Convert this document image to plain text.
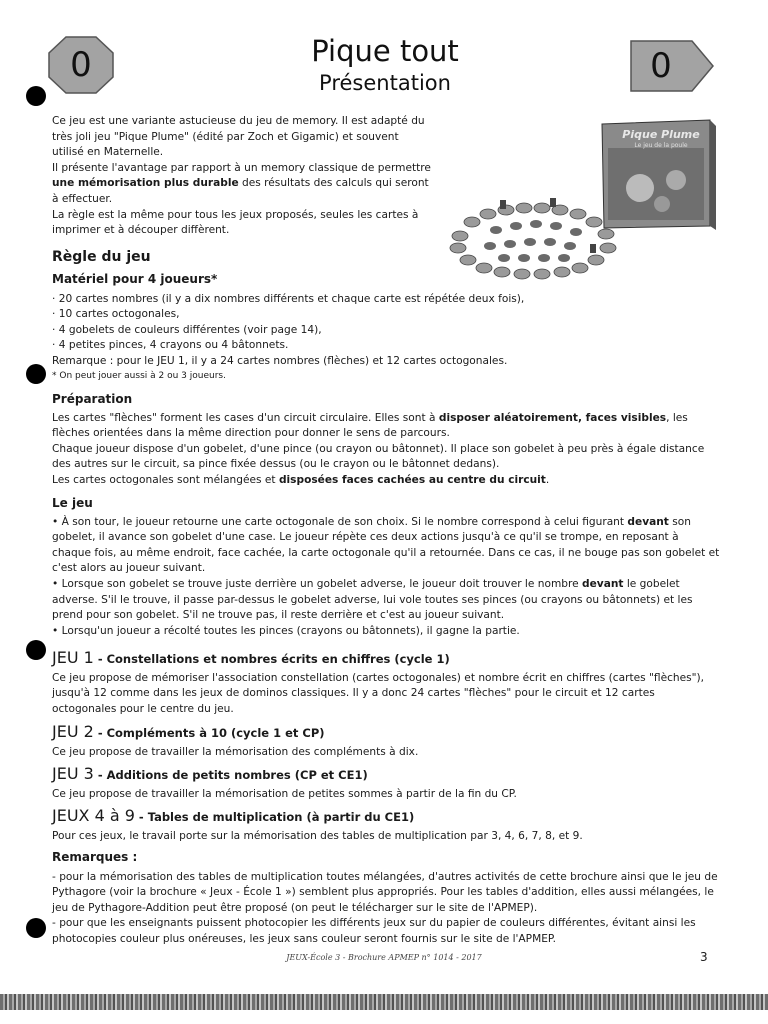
0	0
Pique tout
Présentation

Ce jeu est une variante astucieuse du jeu de memory. Il est adapté du très joli jeu "Pique Plume" (édité par Zoch et Gigamic) et souvent utilisé en Maternelle.

Il présente l'avantage par rapport à un memory classique de permettre une mémorisation plus durable des résultats des calculs qui seront à effectuer.

La règle est la même pour tous les jeux proposés, seules les cartes à imprimer et à découper diffèrent.

Pique Plume
Le jeu de la poule
Règle du jeu
Matériel pour 4 joueurs*

· 20 cartes nombres (il y a dix nombres différents et chaque carte est répétée deux fois),

· 10 cartes octogonales,

· 4 gobelets de couleurs différentes (voir page 14),

· 4 petites pinces, 4 crayons ou 4 bâtonnets.

Remarque : pour le JEU 1, il y a 24 cartes nombres (flèches) et 12 cartes octogonales.

* On peut jouer aussi à 2 ou 3 joueurs.

Préparation

Les cartes "flèches" forment les cases d'un circuit circulaire. Elles sont à disposer aléatoirement, faces visibles, les flèches orientées dans la même direction pour donner le sens de parcours.

Chaque joueur dispose d'un gobelet, d'une pince (ou crayon ou bâtonnet). Il place son gobelet à peu près à égale distance des autres sur le circuit, sa pince fixée dessus (ou le crayon ou le bâtonnet dedans).

Les cartes octogonales sont mélangées et disposées faces cachées au centre du circuit.

Le jeu

• À son tour, le joueur retourne une carte octogonale de son choix. Si le nombre correspond à celui figurant devant son gobelet, il avance son gobelet d'une case. Le joueur répète ces deux actions jusqu'à ce qu'il se trompe, en reposant à chaque fois, au même endroit, face cachée, la carte octogonale qu'il a retournée. Dans ce cas, il ne bouge pas son gobelet et c'est alors au joueur suivant.

• Lorsque son gobelet se trouve juste derrière un gobelet adverse, le joueur doit trouver le nombre devant le gobelet adverse. S'il le trouve, il passe par-dessus le gobelet adverse, lui vole toutes ses pinces (ou crayons ou bâtonnets) et les prend pour son gobelet. S'il ne trouve pas, il reste derrière et c'est au joueur suivant.

• Lorsqu'un joueur a récolté toutes les pinces (crayons ou bâtonnets), il gagne la partie.

JEU 1 - Constellations et nombres écrits en chiffres (cycle 1)

Ce jeu propose de mémoriser l'association constellation (cartes octogonales) et nombre écrit en chiffres (cartes "flèches"), jusqu'à 12 comme dans les jeux de dominos classiques. Il y a donc 24 cartes "flèches" pour le circuit et 12 cartes octogonales pour le centre du jeu.

JEU 2 - Compléments à 10 (cycle 1 et CP)

Ce jeu propose de travailler la mémorisation des compléments à dix.

JEU 3 - Additions de petits nombres (CP et CE1)

Ce jeu propose de travailler la mémorisation de petites sommes à partir de la fin du CP.

JEUX 4 à 9 - Tables de multiplication (à partir du CE1)

Pour ces jeux, le travail porte sur la mémorisation des tables de multiplication par 3, 4, 6, 7, 8, et 9.

Remarques :

- pour la mémorisation des tables de multiplication toutes mélangées, d'autres activités de cette brochure ainsi que le jeu de Pythagore (voir la brochure « Jeux - École 1 ») semblent plus appropriés. Pour les tables d'addition, elles aussi mélangées, le jeu de Pythagore-Addition peut être proposé (on peut le télécharger sur le site de l'APMEP).

- pour que les enseignants puissent photocopier les différents jeux sur du papier de couleurs différentes, évitant ainsi les photocopies couleur plus onéreuses, les jeux sans couleur seront fournis sur le site de l'APMEP.

JEUX-École 3 - Brochure APMEP n° 1014 - 2017	3
